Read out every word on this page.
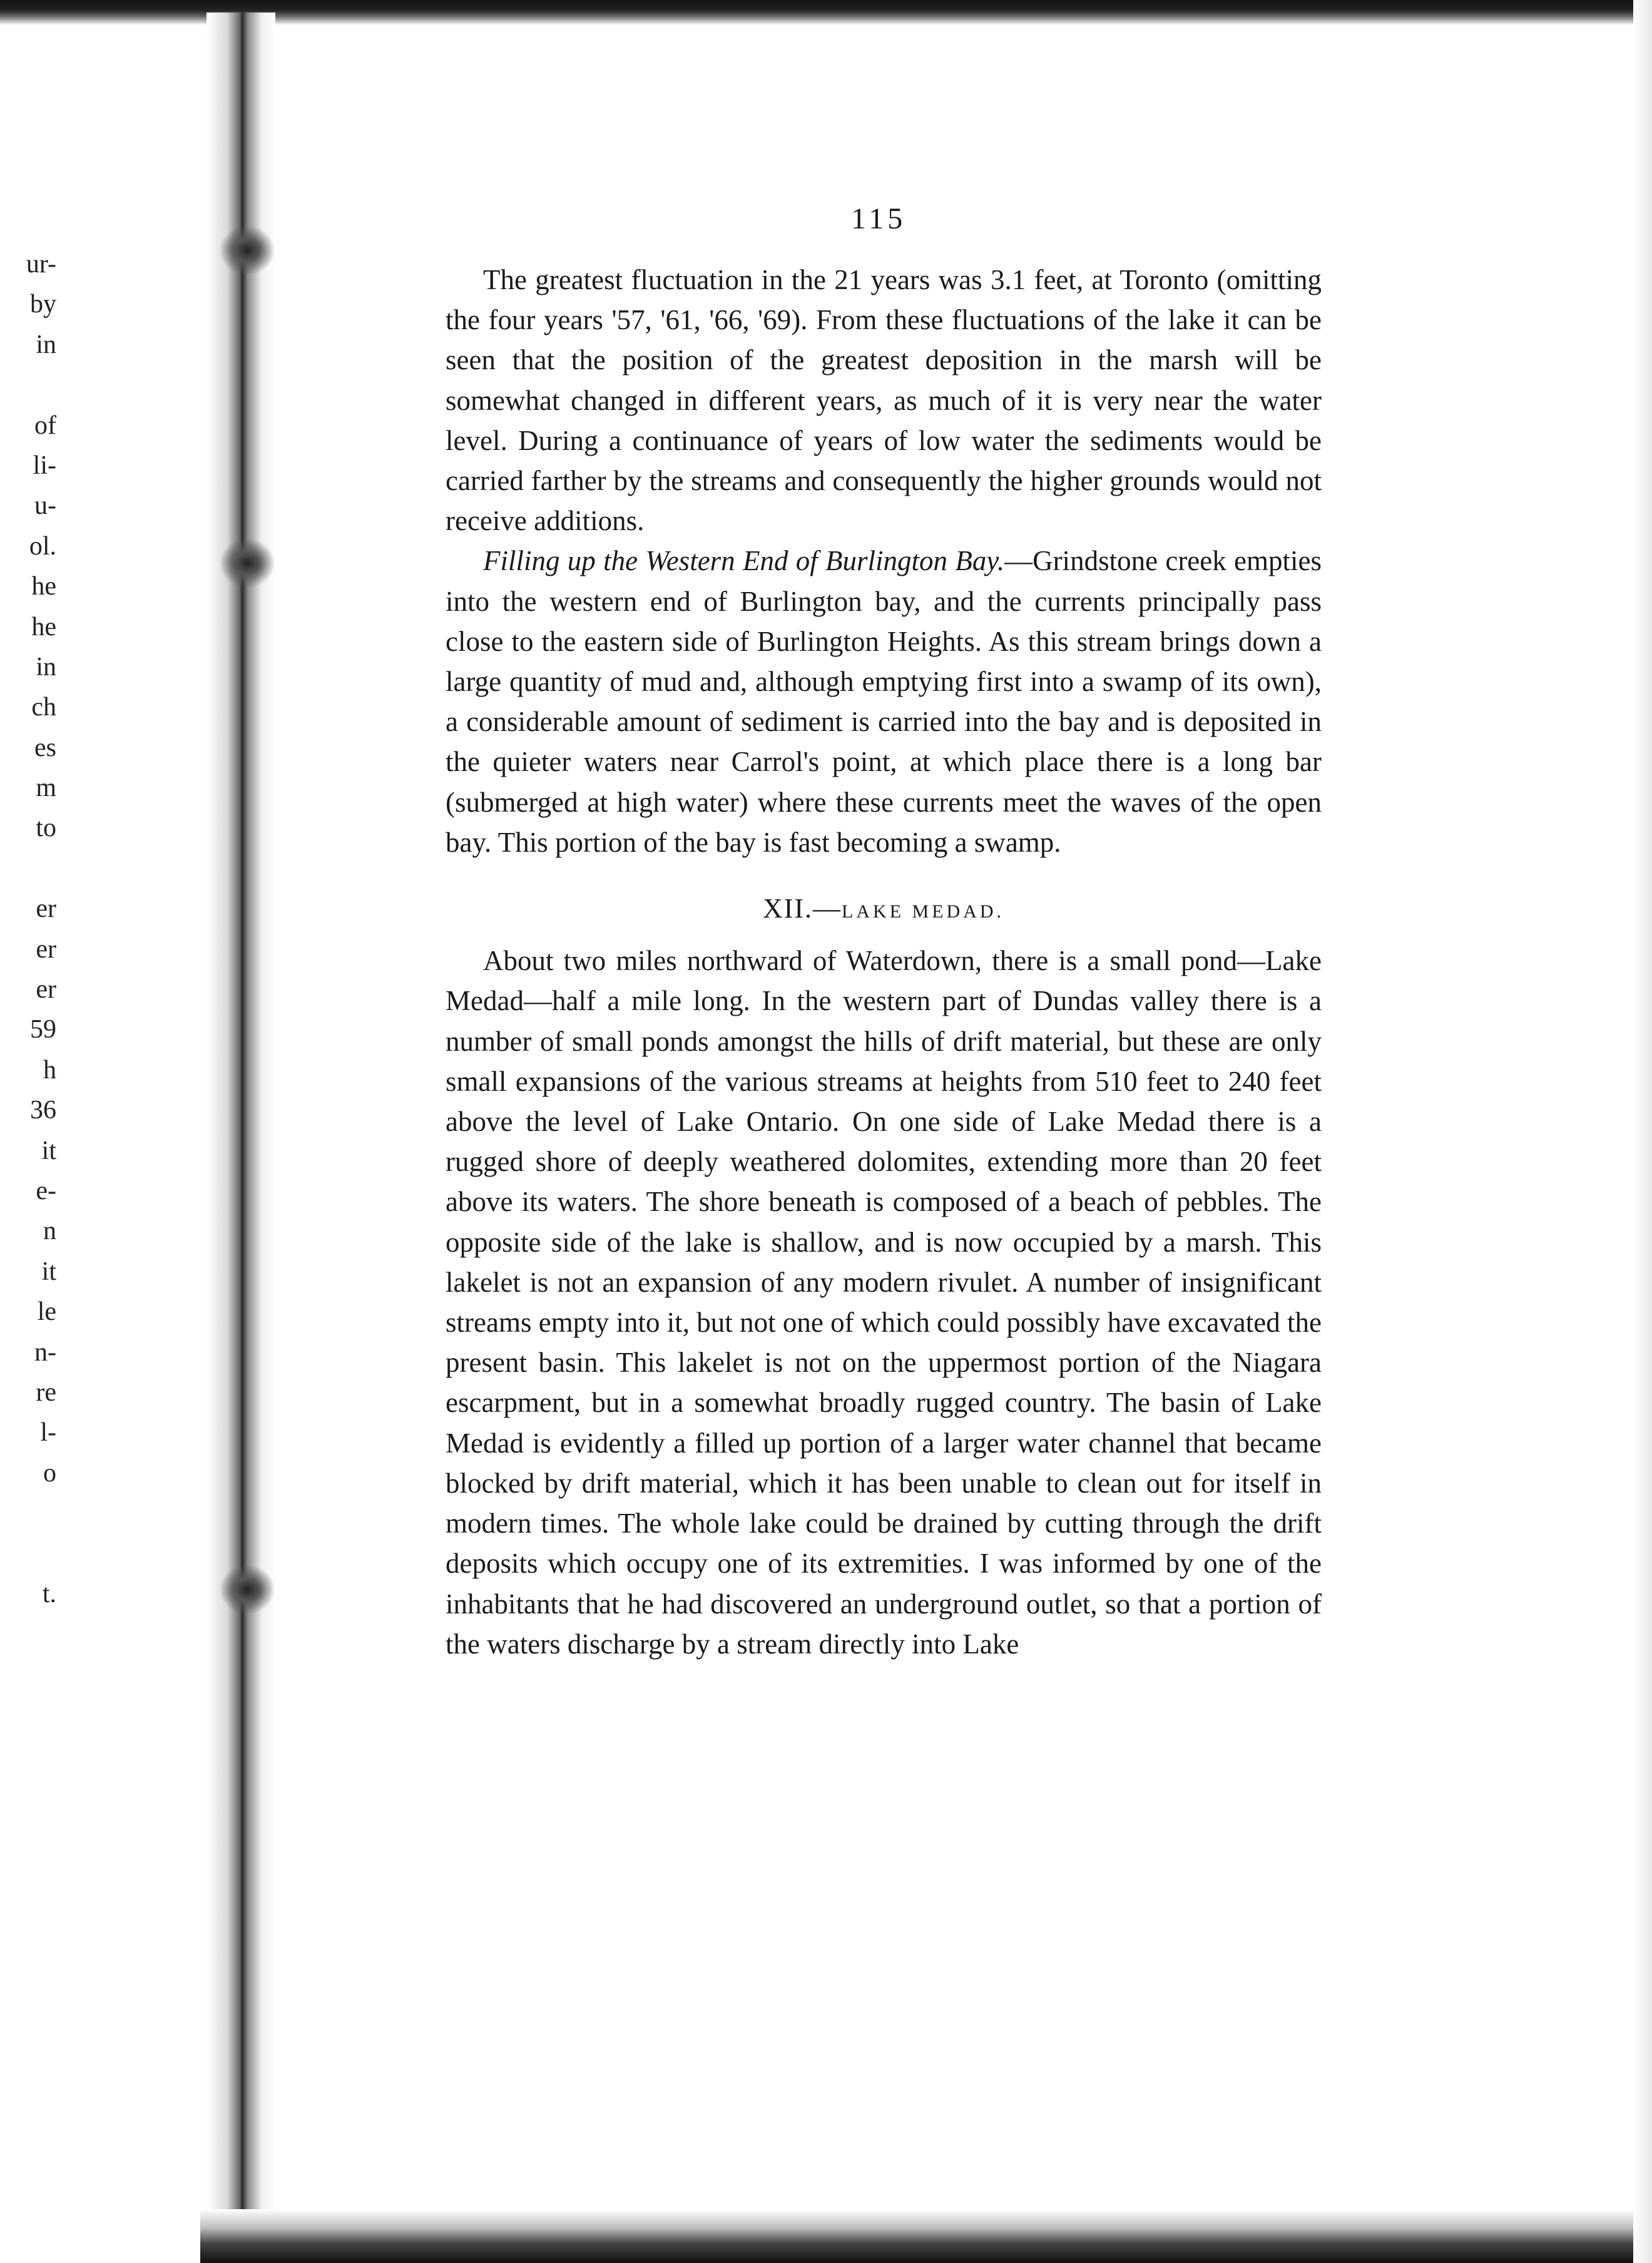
ur-
by
in
of
li-
u-
ol.
he
he
in
ch
es
m
to
er
er
er
59
h
36
it
e-
n
it
le
n-
re
l-
o
t.
115

The greatest fluctuation in the 21 years was 3.1 feet, at Toronto (omitting the four years '57, '61, '66, '69). From these fluctuations of the lake it can be seen that the position of the greatest deposition in the marsh will be somewhat changed in different years, as much of it is very near the water level. During a continuance of years of low water the sediments would be carried farther by the streams and consequently the higher grounds would not receive additions.

Filling up the Western End of Burlington Bay.—Grindstone creek empties into the western end of Burlington bay, and the currents principally pass close to the eastern side of Burlington Heights. As this stream brings down a large quantity of mud and, although emptying first into a swamp of its own), a considerable amount of sediment is carried into the bay and is deposited in the quieter waters near Carrol's point, at which place there is a long bar (submerged at high water) where these currents meet the waves of the open bay. This portion of the bay is fast becoming a swamp.

XII.—LAKE MEDAD.

About two miles northward of Waterdown, there is a small pond—Lake Medad—half a mile long. In the western part of Dundas valley there is a number of small ponds amongst the hills of drift material, but these are only small expansions of the various streams at heights from 510 feet to 240 feet above the level of Lake Ontario. On one side of Lake Medad there is a rugged shore of deeply weathered dolomites, extending more than 20 feet above its waters. The shore beneath is composed of a beach of pebbles. The opposite side of the lake is shallow, and is now occupied by a marsh. This lakelet is not an expansion of any modern rivulet. A number of insignificant streams empty into it, but not one of which could possibly have excavated the present basin. This lakelet is not on the uppermost portion of the Niagara escarpment, but in a somewhat broadly rugged country. The basin of Lake Medad is evidently a filled up portion of a larger water channel that became blocked by drift material, which it has been unable to clean out for itself in modern times. The whole lake could be drained by cutting through the drift deposits which occupy one of its extremities. I was informed by one of the inhabitants that he had discovered an underground outlet, so that a portion of the waters discharge by a stream directly into Lake
